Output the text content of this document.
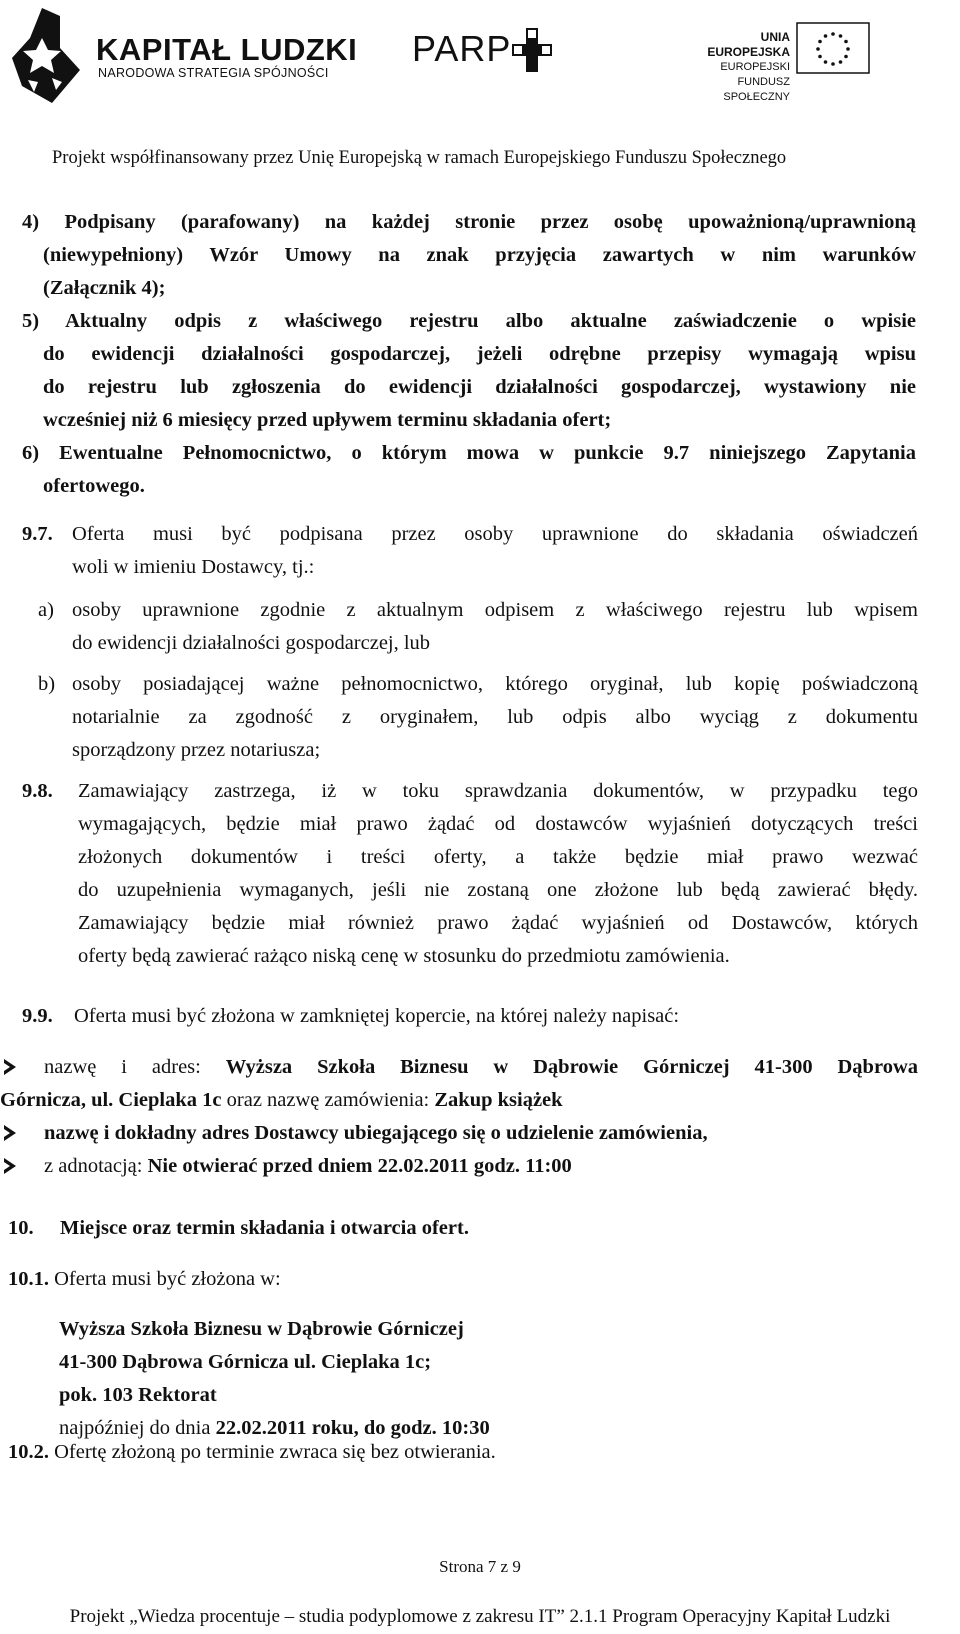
KAPITAŁ LUDZKI
NARODOWA STRATEGIA SPÓJNOŚCI
PARP	UNIA EUROPEJSKA
EUROPEJSKI
FUNDUSZ SPOŁECZNY
Projekt współfinansowany przez Unię Europejską w ramach Europejskiego Funduszu Społecznego
4) Podpisany (parafowany) na każdej stronie przez osobę upoważnioną/uprawnioną
(niewypełniony) Wzór Umowy na znak przyjęcia zawartych w nim warunków
(Załącznik 4);
5) Aktualny odpis z właściwego rejestru albo aktualne zaświadczenie o wpisie
do ewidencji działalności gospodarczej, jeżeli odrębne przepisy wymagają wpisu
do rejestru lub zgłoszenia do ewidencji działalności gospodarczej, wystawiony nie
wcześniej niż 6 miesięcy przed upływem terminu składania ofert;
6) Ewentualne Pełnomocnictwo, o którym mowa w punkcie 9.7 niniejszego Zapytania
ofertowego.
9.7. Oferta musi być podpisana przez osoby uprawnione do składania oświadczeń
woli w imieniu Dostawcy, tj.:
a) osoby uprawnione zgodnie z aktualnym odpisem z właściwego rejestru lub wpisem
do ewidencji działalności gospodarczej, lub
b) osoby posiadającej ważne pełnomocnictwo, którego oryginał, lub kopię poświadczoną
notarialnie za zgodność z oryginałem, lub odpis albo wyciąg z dokumentu
sporządzony przez notariusza;
9.8. Zamawiający zastrzega, iż w toku sprawdzania dokumentów, w przypadku tego
wymagających, będzie miał prawo żądać od dostawców wyjaśnień dotyczących treści
złożonych dokumentów i treści oferty, a także będzie miał prawo wezwać
do uzupełnienia wymaganych, jeśli nie zostaną one złożone lub będą zawierać błędy.
Zamawiający będzie miał również prawo żądać wyjaśnień od Dostawców, których
oferty będą zawierać rażąco niską cenę w stosunku do przedmiotu zamówienia.
9.9. Oferta musi być złożona w zamkniętej kopercie, na której należy napisać:
nazwę i adres: Wyższa Szkoła Biznesu w Dąbrowie Górniczej 41-300 Dąbrowa
Górnicza, ul. Cieplaka 1c oraz nazwę zamówienia: Zakup książek
nazwę i dokładny adres Dostawcy ubiegającego się o udzielenie zamówienia,
z adnotacją: Nie otwierać przed dniem 22.02.2011 godz. 11:00
10. Miejsce oraz termin składania i otwarcia ofert.
10.1. Oferta musi być złożona w:
Wyższa Szkoła Biznesu w Dąbrowie Górniczej
41-300 Dąbrowa Górnicza ul. Cieplaka 1c;
pok. 103 Rektorat
najpóźniej do dnia 22.02.2011 roku, do godz. 10:30
10.2. Ofertę złożoną po terminie zwraca się bez otwierania.
Strona 7 z 9
Projekt „Wiedza procentuje – studia podyplomowe z zakresu IT” 2.1.1 Program Operacyjny Kapitał Ludzki
